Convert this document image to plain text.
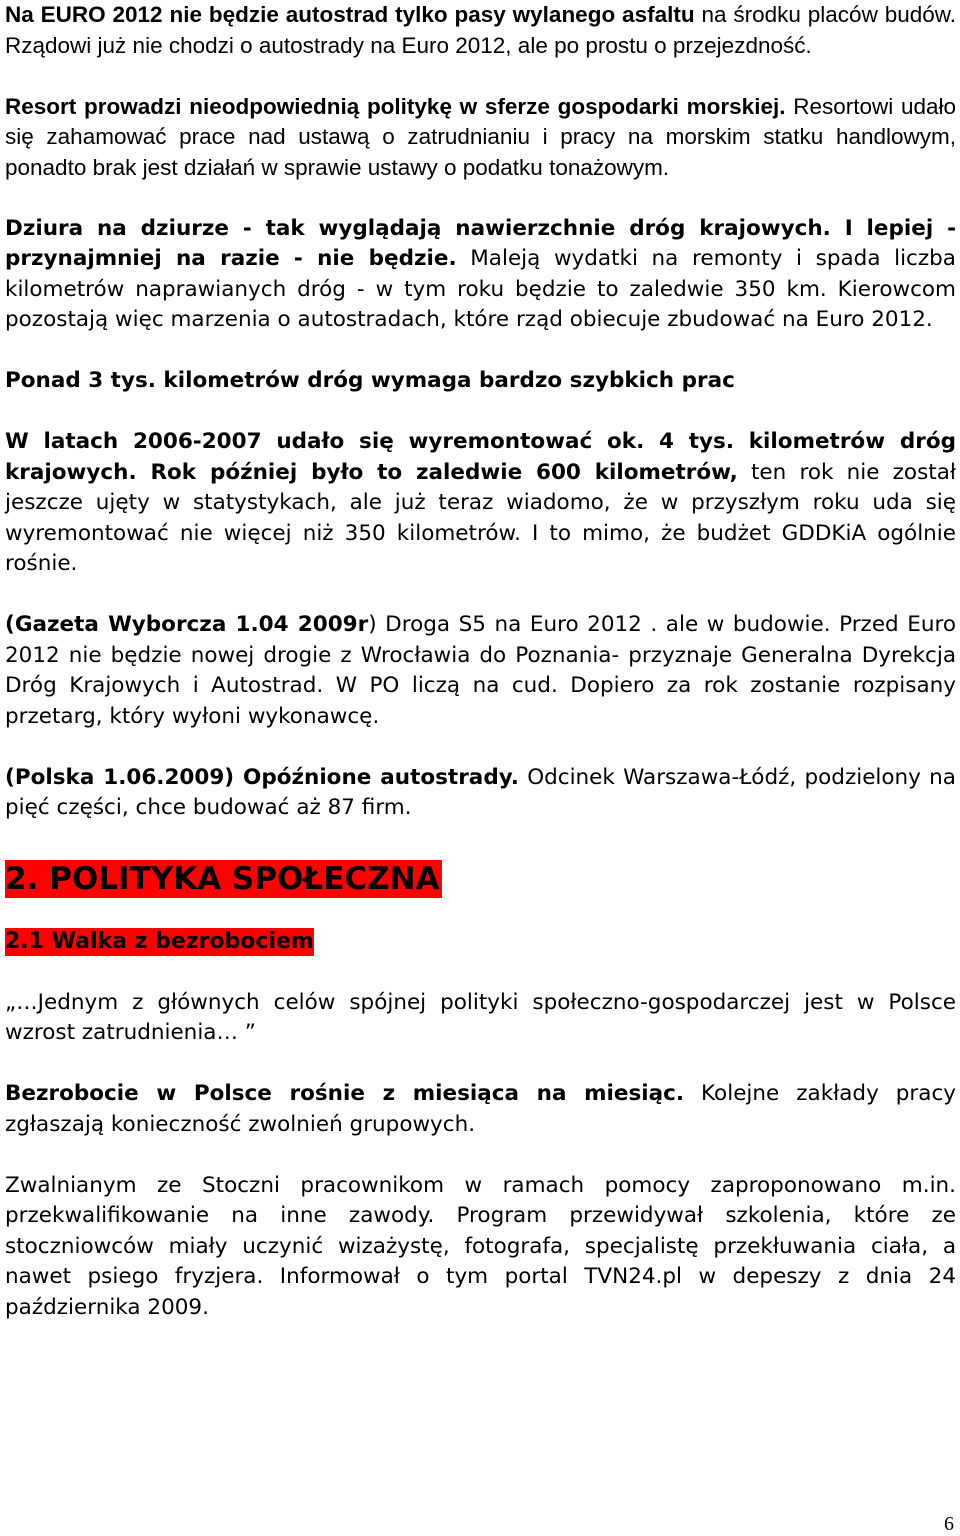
Na EURO 2012 nie będzie autostrad tylko pasy wylanego asfaltu na środku placów budów. Rządowi już nie chodzi o autostrady na Euro 2012, ale po prostu o przejezdność.

Resort prowadzi nieodpowiednią politykę w sferze gospodarki morskiej. Resortowi udało się zahamować prace nad ustawą o zatrudnianiu i pracy na morskim statku handlowym, ponadto brak jest działań w sprawie ustawy o podatku tonażowym.

Dziura na dziurze - tak wyglądają nawierzchnie dróg krajowych. I lepiej - przynajmniej na razie - nie będzie. Maleją wydatki na remonty i spada liczba kilometrów naprawianych dróg - w tym roku będzie to zaledwie 350 km. Kierowcom pozostają więc marzenia o autostradach, które rząd obiecuje zbudować na Euro 2012.

Ponad 3 tys. kilometrów dróg wymaga bardzo szybkich prac

W latach 2006-2007 udało się wyremontować ok. 4 tys. kilometrów dróg krajowych. Rok później było to zaledwie 600 kilometrów, ten rok nie został jeszcze ujęty w statystykach, ale już teraz wiadomo, że w przyszłym roku uda się wyremontować nie więcej niż 350 kilometrów. I to mimo, że budżet GDDKiA ogólnie rośnie.

(Gazeta Wyborcza 1.04 2009r) Droga S5 na Euro 2012 . ale w budowie. Przed Euro 2012 nie będzie nowej drogie z Wrocławia do Poznania- przyznaje Generalna Dyrekcja Dróg Krajowych i Autostrad. W PO liczą na cud. Dopiero za rok zostanie rozpisany przetarg, który wyłoni wykonawcę.

(Polska 1.06.2009) Opóźnione autostrady. Odcinek Warszawa-Łódź, podzielony na pięć części, chce budować aż 87 firm.

2. POLITYKA SPOŁECZNA
2.1 Walka z bezrobociem

„…Jednym z głównych celów spójnej polityki społeczno-gospodarczej jest w Polsce wzrost zatrudnienia… ”

Bezrobocie w Polsce rośnie z miesiąca na miesiąc. Kolejne zakłady pracy zgłaszają konieczność zwolnień grupowych.

Zwalnianym ze Stoczni pracownikom w ramach pomocy zaproponowano m.in. przekwalifikowanie na inne zawody. Program przewidywał szkolenia, które ze stoczniowców miały uczynić wizażystę, fotografa, specjalistę przekłuwania ciała, a nawet psiego fryzjera. Informował o tym portal TVN24.pl w depeszy z dnia 24 października 2009.

6
